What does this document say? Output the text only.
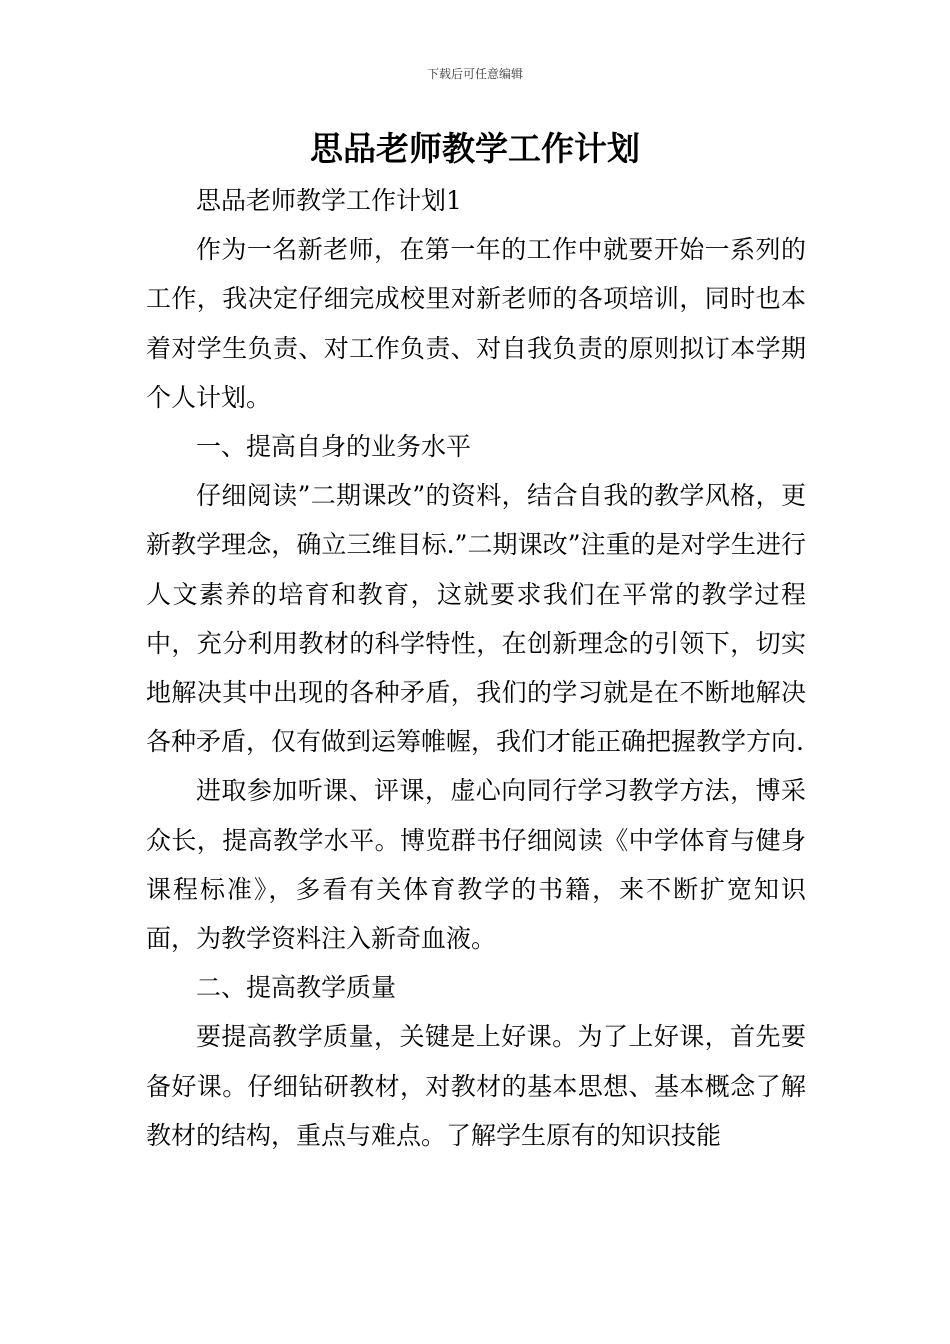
下载后可任意编辑
思品老师教学工作计划

思品老师教学工作计划1

作为一名新老师，在第一年的工作中就要开始一系列的工作，我决定仔细完成校里对新老师的各项培训，同时也本着对学生负责、对工作负责、对自我负责的原则拟订本学期个人计划。

一、提高自身的业务水平

仔细阅读”二期课改”的资料，结合自我的教学风格，更新教学理念，确立三维目标.”二期课改”注重的是对学生进行人文素养的培育和教育，这就要求我们在平常的教学过程中，充分利用教材的科学特性，在创新理念的引领下，切实地解决其中出现的各种矛盾，我们的学习就是在不断地解决各种矛盾，仅有做到运筹帷幄，我们才能正确把握教学方向.

进取参加听课、评课，虚心向同行学习教学方法，博采众长，提高教学水平。博览群书仔细阅读《中学体育与健身课程标准》，多看有关体育教学的书籍，来不断扩宽知识面，为教学资料注入新奇血液。

二、提高教学质量

要提高教学质量，关键是上好课。为了上好课，首先要备好课。仔细钻研教材，对教材的基本思想、基本概念了解教材的结构，重点与难点。了解学生原有的知识技能
